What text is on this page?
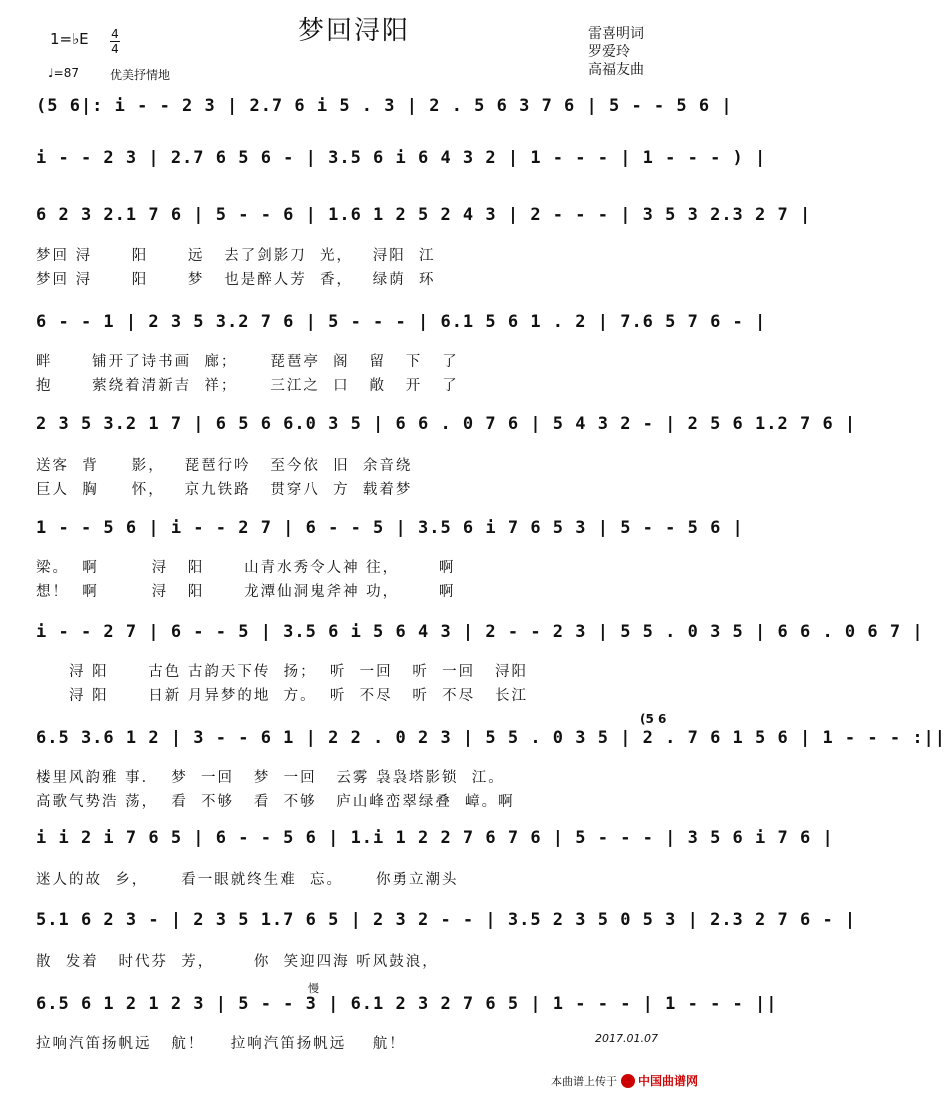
梦回浔阳
1=♭E 4
4
♩=87	优美抒情地
雷喜明词
罗爱玲
高福友曲
(5 6|: i - - 2 3 | 2.7 6 i 5 . 3 | 2 . 5 6 3 7 6 | 5 - - 5 6 |
i - - 2 3 | 2.7 6 5 6 - | 3.5 6 i 6 4 3 2 | 1 - - - | 1 - - - ) |
6 2 3 2.1 7 6 | 5 - - 6 | 1.6 1 2 5 2 4 3 | 2 - - - | 3 5 3 2.3 2 7 |
梦回 浔      阳      远   去了剑影刀  光，   浔阳  江
梦回 浔      阳      梦   也是醉人芳  香，   绿荫  环
6 - - 1 | 2 3 5 3.2 7 6 | 5 - - - | 6.1 5 6 1 . 2 | 7.6 5 7 6 - |
畔      铺开了诗书画  廊；     琵琶亭  阁   留   下   了
抱      萦绕着清新吉  祥；     三江之  口   敞   开   了
2 3 5 3.2 1 7 | 6 5 6 6.0 3 5 | 6 6 . 0 7 6 | 5 4 3 2 - | 2 5 6 1.2 7 6 |
送客  背     影，   琵琶行吟   至今依  旧  余音绕
巨人  胸     怀，   京九铁路   贯穿八  方  载着梦
1 - - 5 6 | i - - 2 7 | 6 - - 5 | 3.5 6 i 7 6 5 3 | 5 - - 5 6 |
梁。  啊        浔   阳      山青水秀令人神 往，      啊
想！  啊        浔   阳      龙潭仙洞鬼斧神 功，      啊
i - - 2 7 | 6 - - 5 | 3.5 6 i 5 6 4 3 | 2 - - 2 3 | 5 5 . 0 3 5 | 6 6 . 0 6 7 |
浔 阳      古色 古韵天下传  扬；  听  一回   听  一回   浔阳
浔 阳      日新 月异梦的地  方。  听  不尽   听  不尽   长江
6.5 3.6 1 2 | 3 - - 6 1 | 2 2 . 0 2 3 | 5 5 . 0 3 5 | 2 . 7 6 1 5 6 | 1 - - - :||
(5 6
楼里风韵雅 事．  梦  一回   梦  一回   云雾 袅袅塔影锁  江。
高歌气势浩 荡，  看  不够   看  不够   庐山峰峦翠绿叠  嶂。啊
i i 2 i 7 6 5 | 6 - - 5 6 | 1.i 1 2 2 7 6 7 6 | 5 - - - | 3 5 6 i 7 6 |
迷人的故  乡，     看一眼就终生难  忘。     你勇立潮头
5.1 6 2 3 - | 2 3 5 1.7 6 5 | 2 3 2 - - | 3.5 2 3 5 0 5 3 | 2.3 2 7 6 - |
散  发着   时代芬  芳，      你  笑迎四海 听风鼓浪，
慢
6.5 6 1 2 1 2 3 | 5 - - 3 | 6.1 2 3 2 7 6 5 | 1 - - - | 1 - - - ||
拉响汽笛扬帆远   航！    拉响汽笛扬帆远    航！	2017.01.07
本曲谱上传于 中国曲谱网
